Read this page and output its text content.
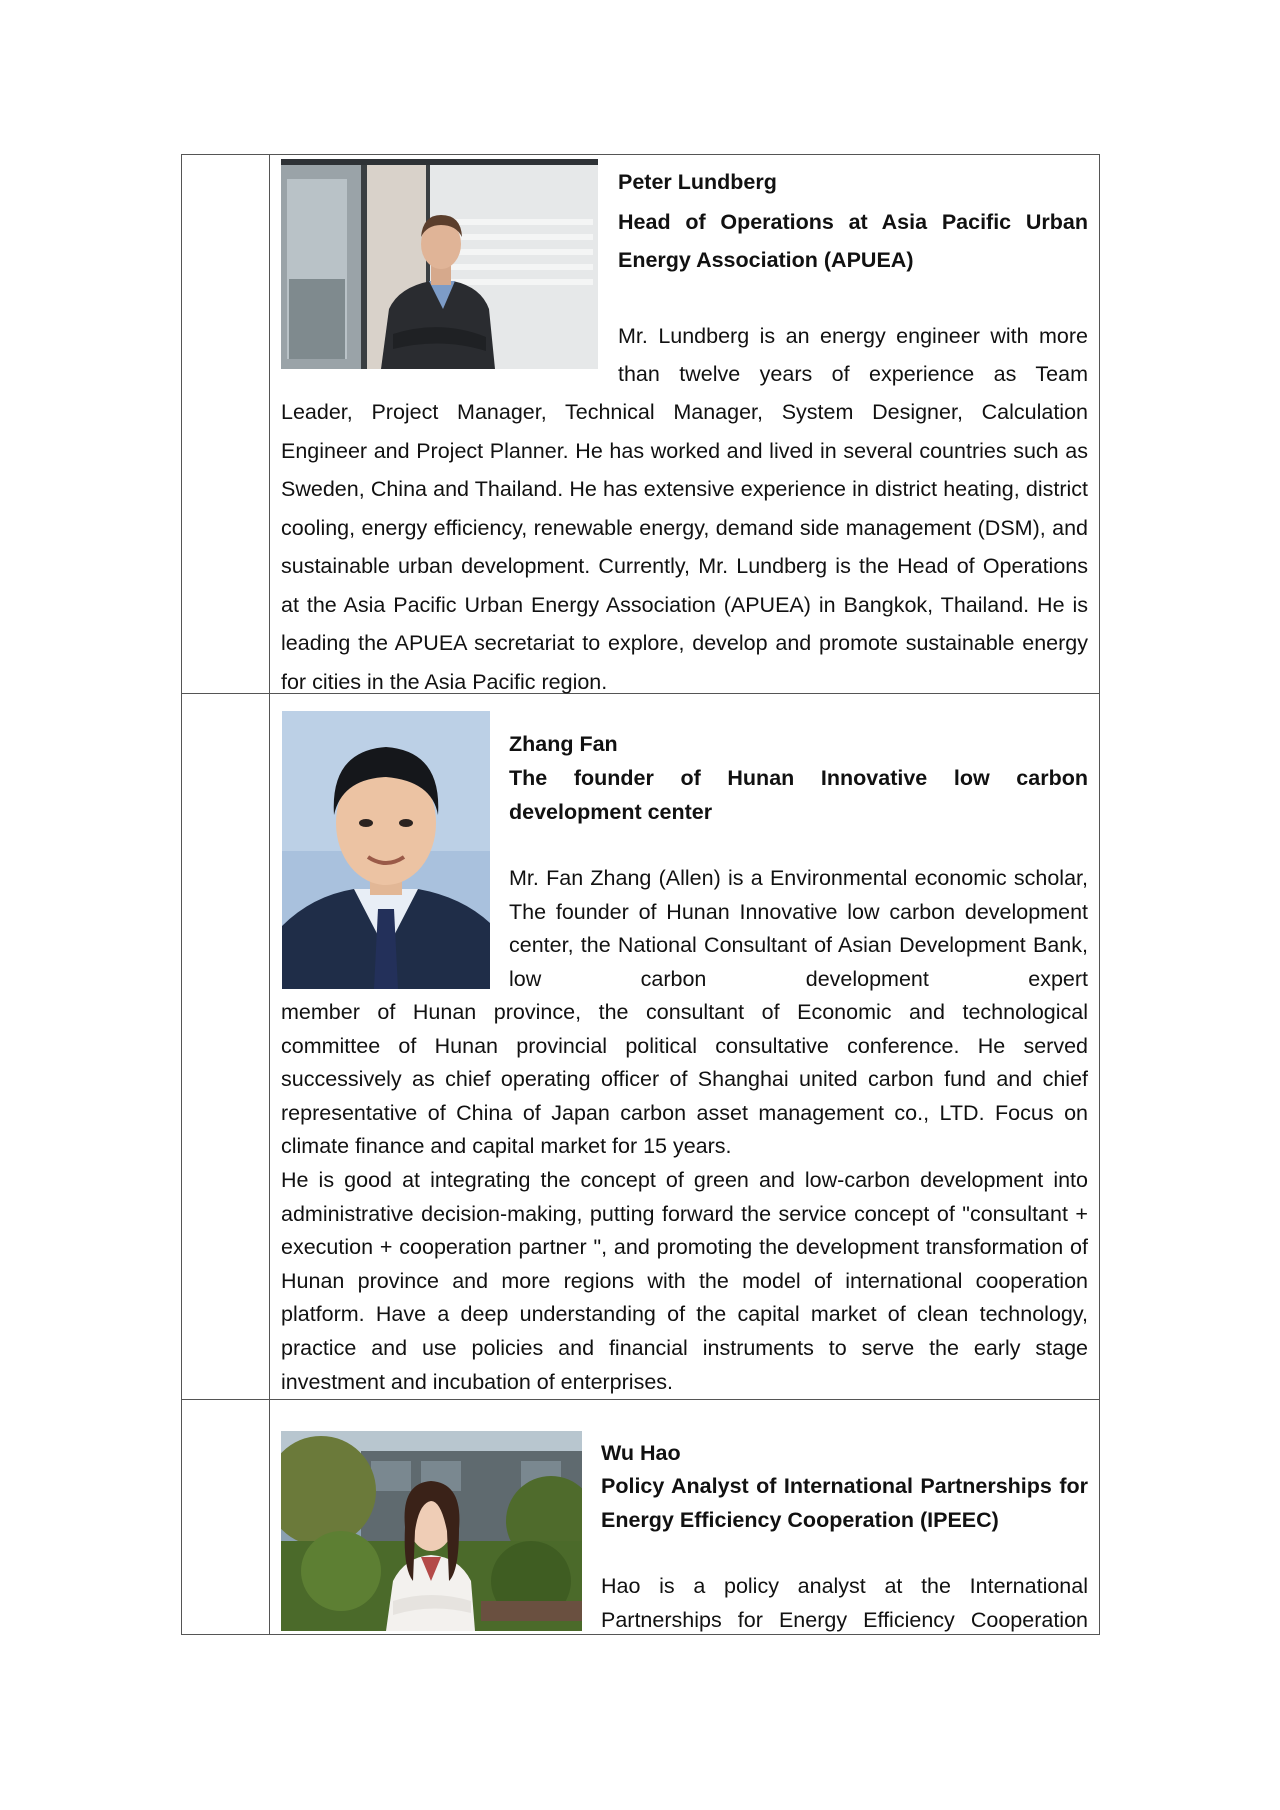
Peter Lundberg
Head of Operations at Asia Pacific Urban Energy Association (APUEA)
Mr. Lundberg is an energy engineer with more
than twelve years of experience as Team
Leader, Project Manager, Technical Manager, System Designer, Calculation Engineer and Project Planner. He has worked and lived in several countries such as Sweden, China and Thailand. He has extensive experience in district heating, district cooling, energy efficiency, renewable energy, demand side management (DSM), and sustainable urban development. Currently, Mr. Lundberg is the Head of Operations at the Asia Pacific Urban Energy Association (APUEA) in Bangkok, Thailand. He is leading the APUEA secretariat to explore, develop and promote sustainable energy for cities in the Asia Pacific region.
Zhang Fan
The founder of Hunan Innovative low carbon development center
Mr. Fan Zhang (Allen) is a Environmental economic scholar, The founder of Hunan Innovative low carbon development center, the National Consultant of Asian Development Bank, low carbon development expert
member of Hunan province, the consultant of Economic and technological committee of Hunan provincial political consultative conference. He served successively as chief operating officer of Shanghai united carbon fund and chief representative of China of Japan carbon asset management co., LTD. Focus on climate finance and capital market for 15 years.
He is good at integrating the concept of green and low-carbon development into administrative decision-making, putting forward the service concept of "consultant + execution + cooperation partner ", and promoting the development transformation of Hunan province and more regions with the model of international cooperation platform. Have a deep understanding of the capital market of clean technology, practice and use policies and financial instruments to serve the early stage investment and incubation of enterprises.
Wu Hao
Policy Analyst of International Partnerships for Energy Efficiency Cooperation (IPEEC)
Hao is a policy analyst at the International Partnerships for Energy Efficiency Cooperation
